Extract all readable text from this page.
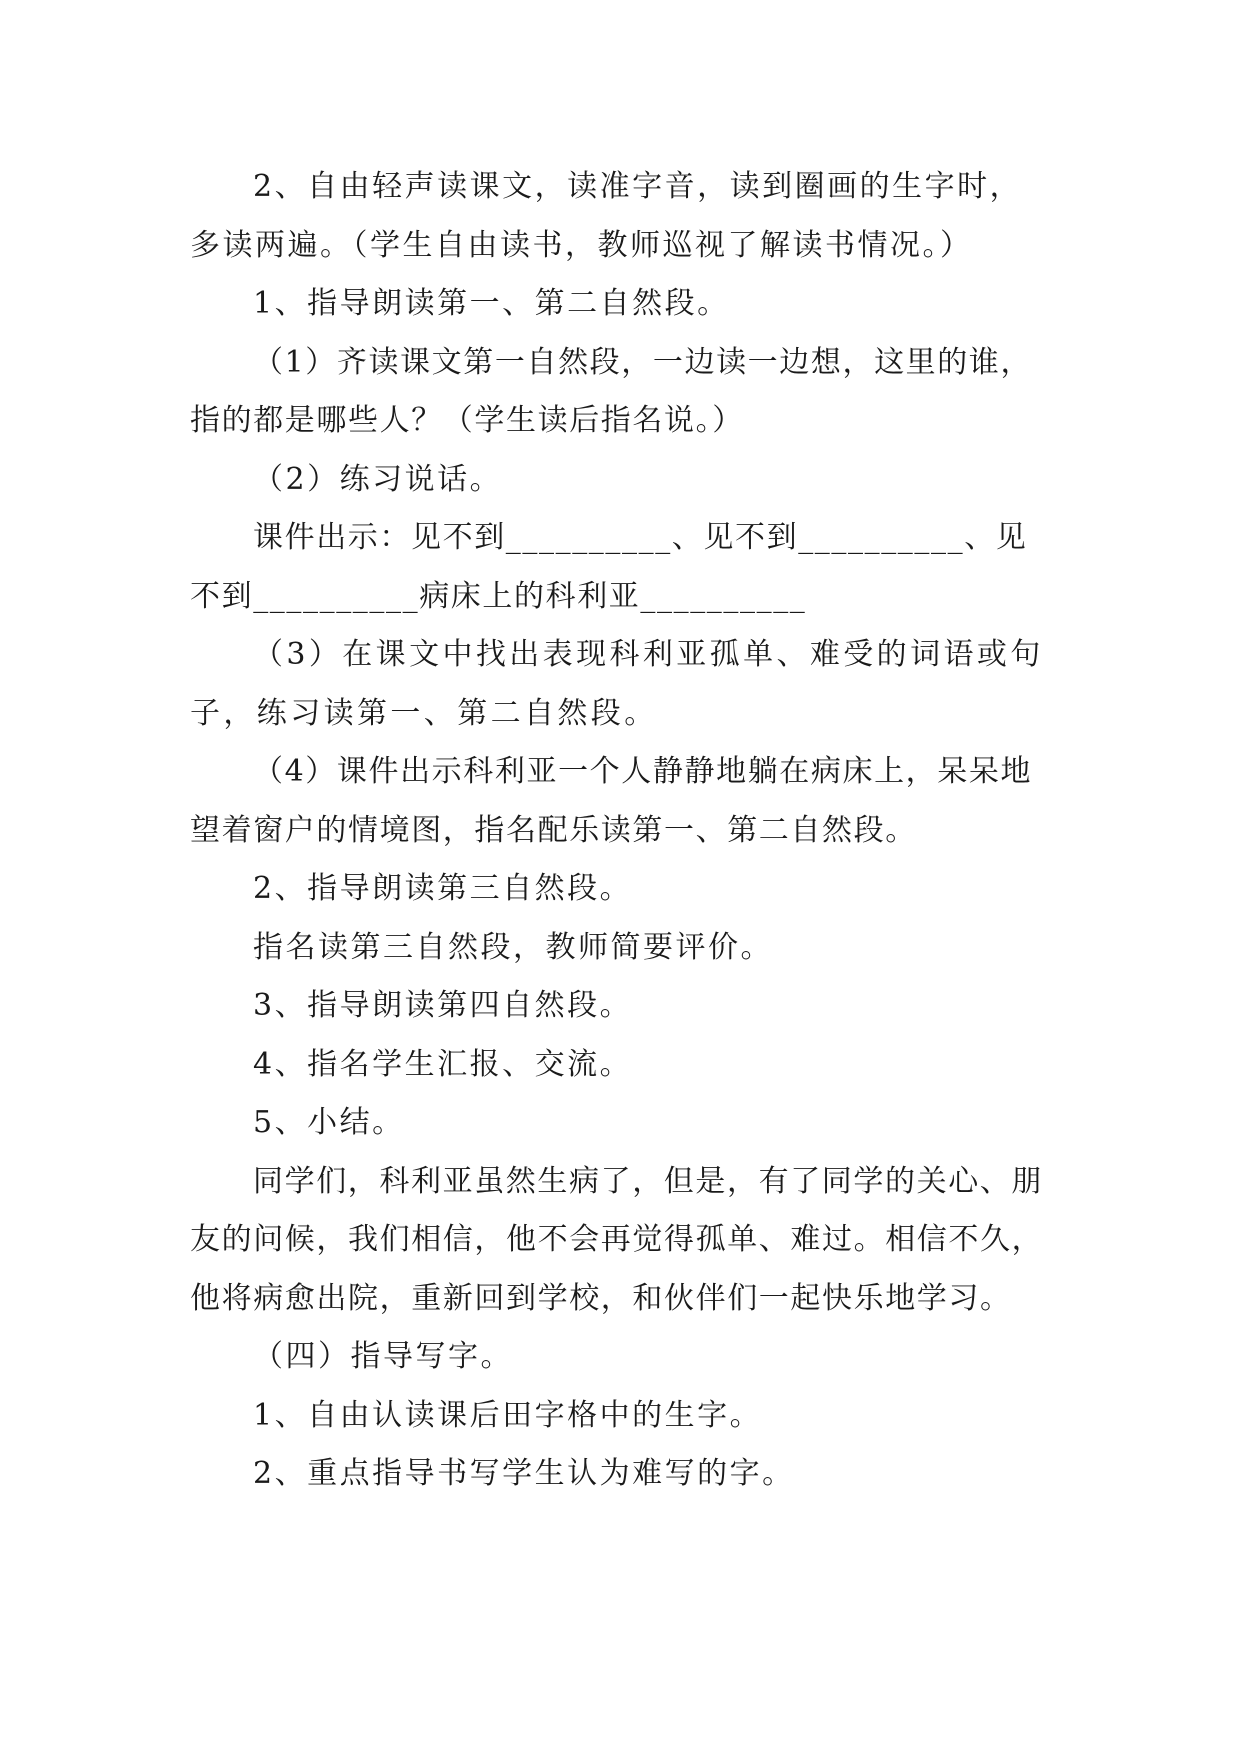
2、自由轻声读课文，读准字音，读到圈画的生字时，多读两遍。（学生自由读书，教师巡视了解读书情况。）

1、指导朗读第一、第二自然段。

（1）齐读课文第一自然段，一边读一边想，这里的谁，指的都是哪些人？（学生读后指名说。）

（2）练习说话。

课件出示：见不到__________、见不到__________、见不到__________病床上的科利亚__________

（3）在课文中找出表现科利亚孤单、难受的词语或句子，练习读第一、第二自然段。

（4）课件出示科利亚一个人静静地躺在病床上，呆呆地望着窗户的情境图，指名配乐读第一、第二自然段。

2、指导朗读第三自然段。

指名读第三自然段，教师简要评价。

3、指导朗读第四自然段。

4、指名学生汇报、交流。

5、小结。

同学们，科利亚虽然生病了，但是，有了同学的关心、朋友的问候，我们相信，他不会再觉得孤单、难过。相信不久，他将病愈出院，重新回到学校，和伙伴们一起快乐地学习。

（四）指导写字。

1、自由认读课后田字格中的生字。

2、重点指导书写学生认为难写的字。
